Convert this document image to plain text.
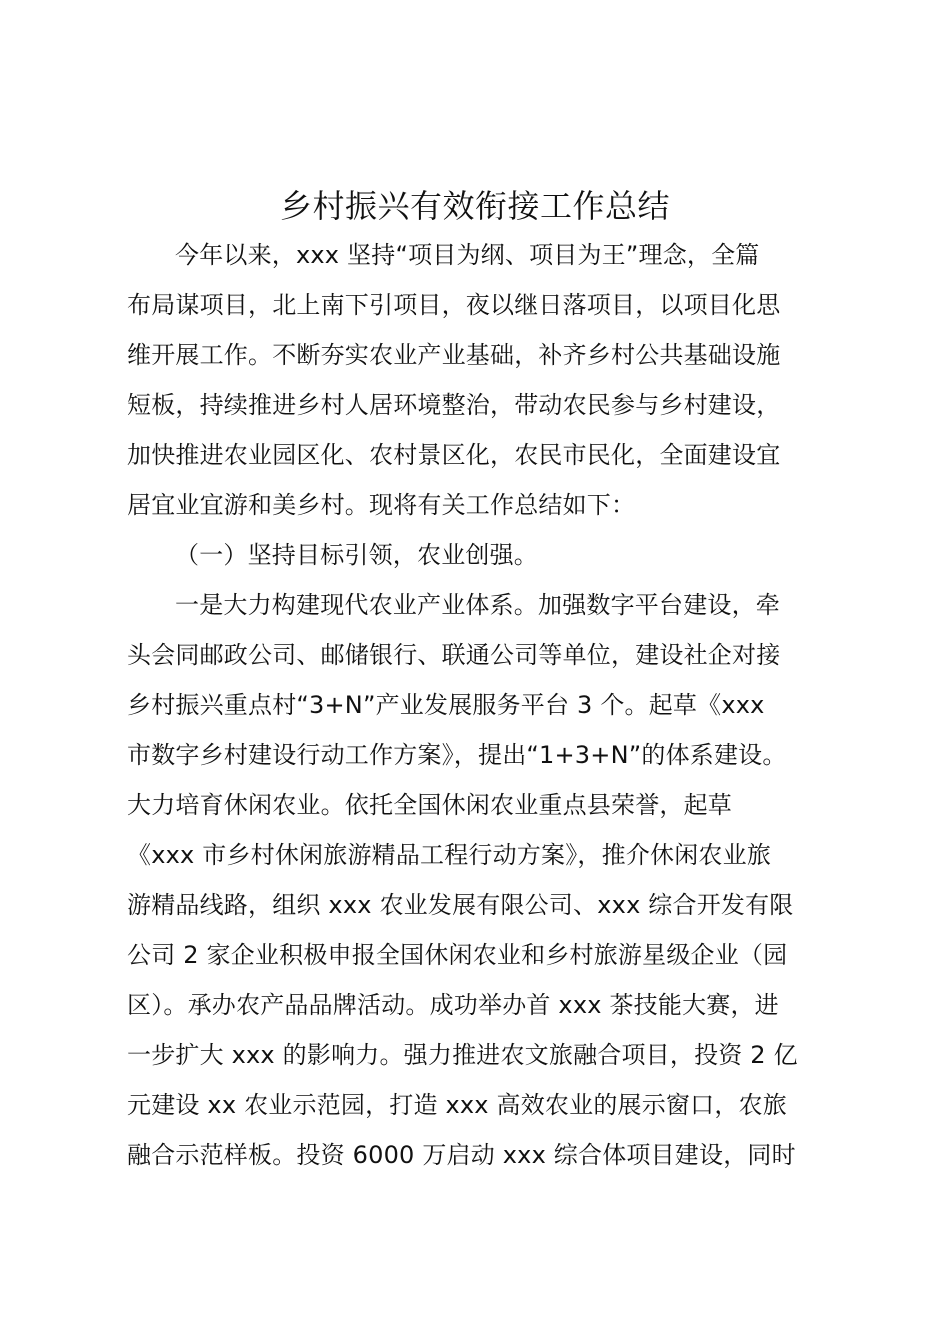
乡村振兴有效衔接工作总结
今年以来，xxx 坚持“项目为纲、项目为王”理念，全篇
布局谋项目，北上南下引项目，夜以继日落项目，以项目化思
维开展工作。不断夯实农业产业基础，补齐乡村公共基础设施
短板，持续推进乡村人居环境整治，带动农民参与乡村建设，
加快推进农业园区化、农村景区化，农民市民化，全面建设宜
居宜业宜游和美乡村。现将有关工作总结如下：
（一）坚持目标引领，农业创强。
一是大力构建现代农业产业体系。加强数字平台建设，牵
头会同邮政公司、邮储银行、联通公司等单位，建设社企对接
乡村振兴重点村“3+N”产业发展服务平台 3 个。起草《xxx
市数字乡村建设行动工作方案》，提出“1+3+N”的体系建设。
大力培育休闲农业。依托全国休闲农业重点县荣誉，起草
《xxx 市乡村休闲旅游精品工程行动方案》，推介休闲农业旅
游精品线路，组织 xxx 农业发展有限公司、xxx 综合开发有限
公司 2 家企业积极申报全国休闲农业和乡村旅游星级企业（园
区）。承办农产品品牌活动。成功举办首 xxx 茶技能大赛，进
一步扩大 xxx 的影响力。强力推进农文旅融合项目，投资 2 亿
元建设 xx 农业示范园，打造 xxx 高效农业的展示窗口，农旅
融合示范样板。投资 6000 万启动 xxx 综合体项目建设，同时
